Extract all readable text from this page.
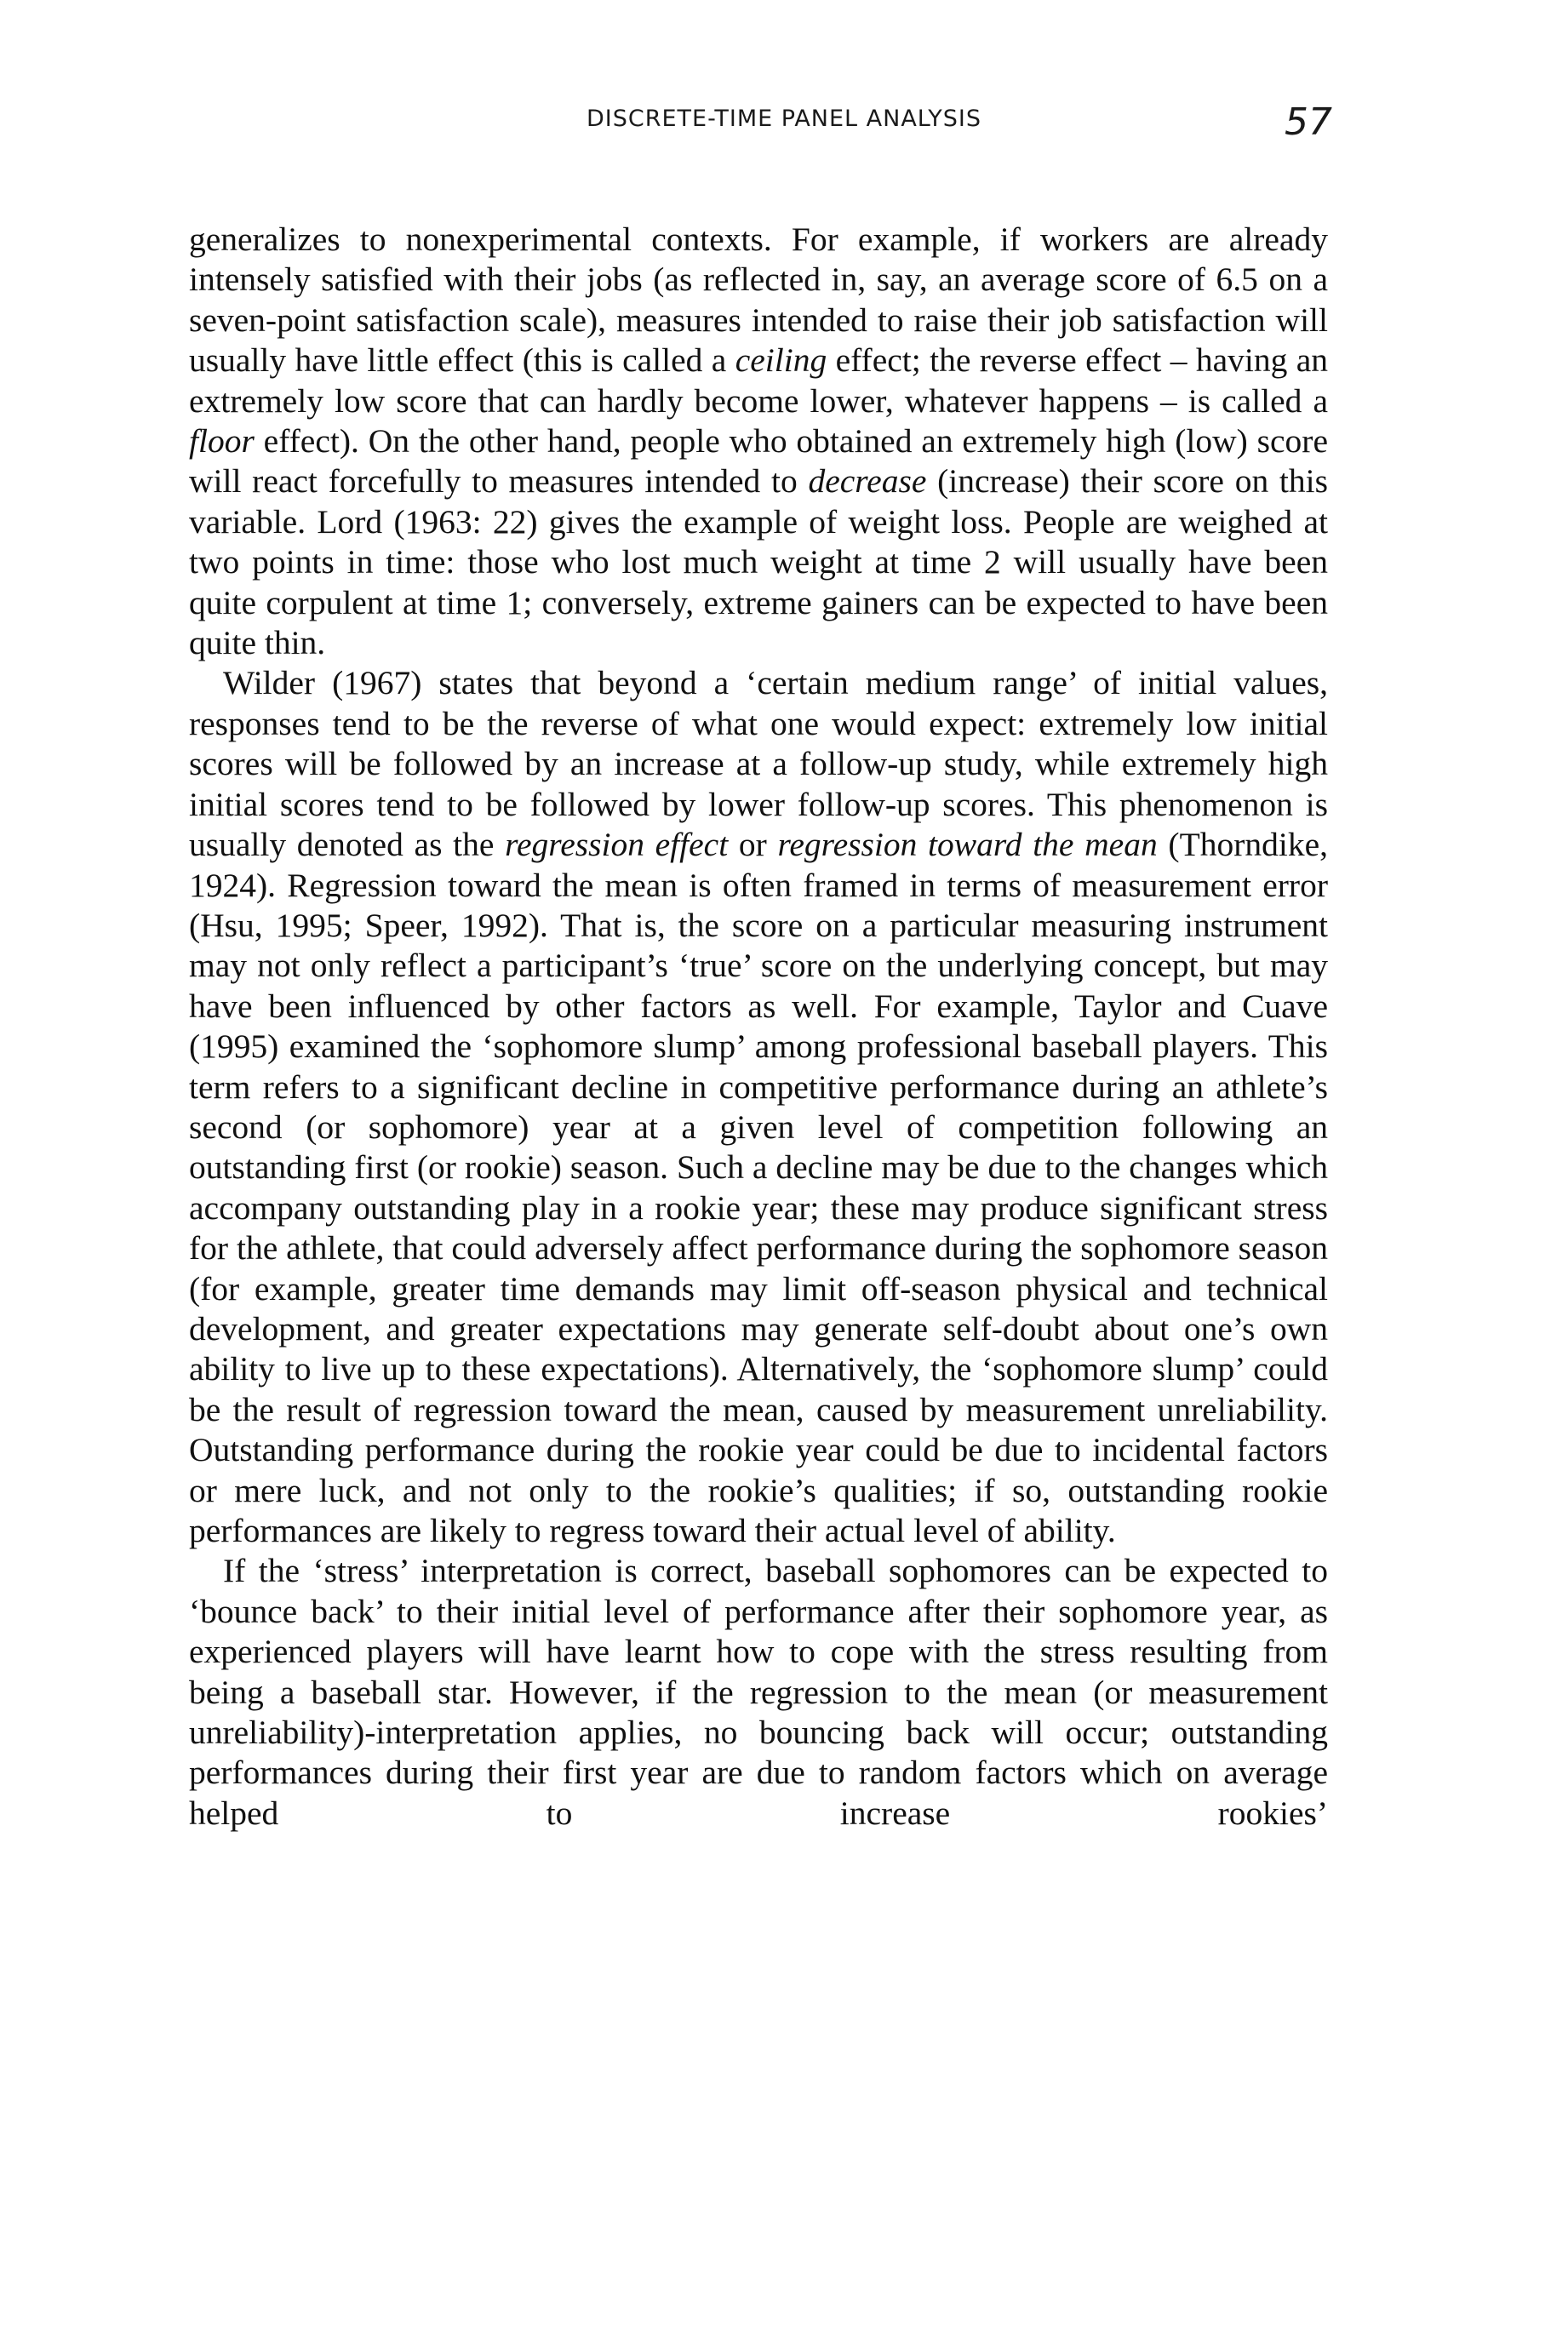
DISCRETE-TIME PANEL ANALYSIS	57

generalizes to nonexperimental contexts. For example, if workers are already intensely satisfied with their jobs (as reflected in, say, an average score of 6.5 on a seven-point satisfaction scale), measures intended to raise their job satisfaction will usually have little effect (this is called a ceiling effect; the reverse effect – having an extremely low score that can hardly become lower, whatever happens – is called a floor effect). On the other hand, people who obtained an extremely high (low) score will react forcefully to measures intended to decrease (increase) their score on this variable. Lord (1963: 22) gives the example of weight loss. People are weighed at two points in time: those who lost much weight at time 2 will usually have been quite corpulent at time 1; conversely, extreme gainers can be expected to have been quite thin.

Wilder (1967) states that beyond a ‘certain medium range’ of initial values, responses tend to be the reverse of what one would expect: extremely low initial scores will be followed by an increase at a follow-up study, while extremely high initial scores tend to be followed by lower follow-up scores. This phenomenon is usually denoted as the regression effect or regression toward the mean (Thorndike, 1924). Regression toward the mean is often framed in terms of measurement error (Hsu, 1995; Speer, 1992). That is, the score on a particular measuring instrument may not only reflect a participant’s ‘true’ score on the underlying concept, but may have been influenced by other factors as well. For example, Taylor and Cuave (1995) examined the ‘sophomore slump’ among professional baseball players. This term refers to a significant decline in competitive performance during an athlete’s second (or sophomore) year at a given level of competition following an outstanding first (or rookie) season. Such a decline may be due to the changes which accompany outstanding play in a rookie year; these may produce significant stress for the athlete, that could adversely affect performance during the sophomore season (for example, greater time demands may limit off-season physical and technical development, and greater expectations may generate self-doubt about one’s own ability to live up to these expectations). Alternatively, the ‘sophomore slump’ could be the result of regression toward the mean, caused by measurement unreliability. Outstanding performance during the rookie year could be due to incidental factors or mere luck, and not only to the rookie’s qualities; if so, outstanding rookie performances are likely to regress toward their actual level of ability.

If the ‘stress’ interpretation is correct, baseball sophomores can be expected to ‘bounce back’ to their initial level of performance after their sophomore year, as experienced players will have learnt how to cope with the stress resulting from being a baseball star. However, if the regression to the mean (or measurement unreliability)-interpretation applies, no bouncing back will occur; outstanding performances during their first year are due to random factors which on average helped to increase rookies’
